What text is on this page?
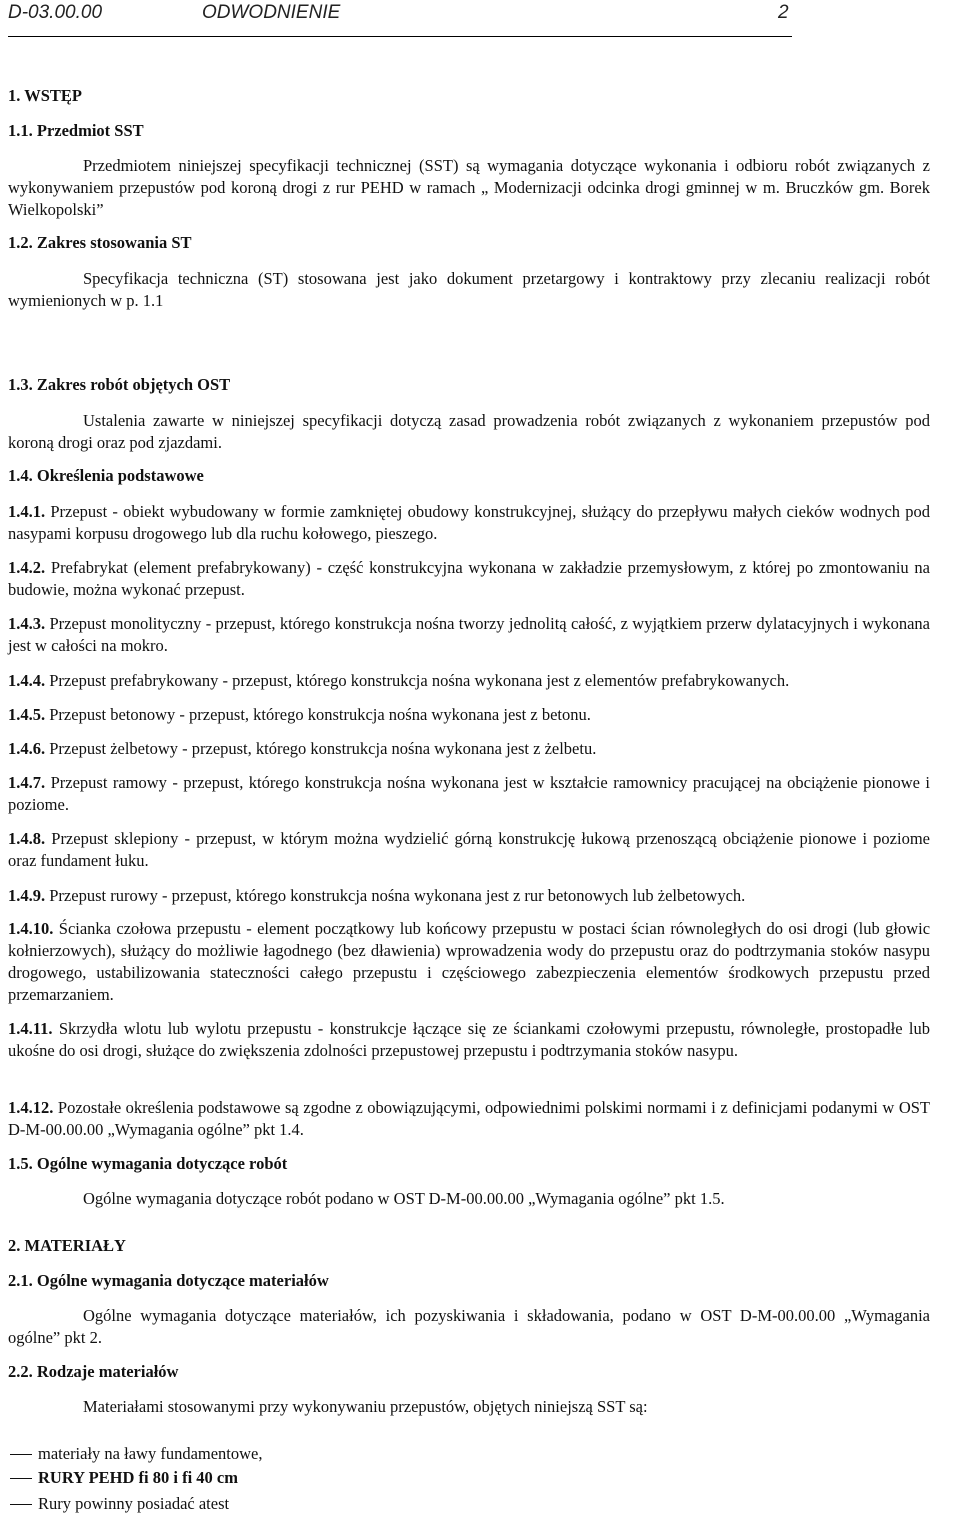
D-03.00.00	ODWODNIENIE	2
1. WSTĘP
1.1. Przedmiot SST
Przedmiotem niniejszej specyfikacji technicznej (SST) są wymagania dotyczące wykonania i odbioru robót związanych z wykonywaniem przepustów pod koroną drogi z rur PEHD w ramach „ Modernizacji odcinka drogi gminnej w m. Bruczków gm. Borek Wielkopolski”
1.2. Zakres stosowania ST
Specyfikacja techniczna (ST) stosowana jest jako dokument przetargowy i kontraktowy przy zlecaniu realizacji robót wymienionych w p. 1.1
1.3. Zakres robót objętych OST
Ustalenia zawarte w niniejszej specyfikacji dotyczą zasad prowadzenia robót związanych z wykonaniem przepustów pod koroną drogi oraz pod zjazdami.
1.4. Określenia podstawowe
1.4.1. Przepust - obiekt wybudowany w formie zamkniętej obudowy konstrukcyjnej, służący do przepływu małych cieków wodnych pod nasypami korpusu drogowego lub dla ruchu kołowego, pieszego.
1.4.2. Prefabrykat (element prefabrykowany) - część konstrukcyjna wykonana w zakładzie przemysłowym, z której po zmontowaniu na budowie, można wykonać przepust.
1.4.3. Przepust monolityczny - przepust, którego konstrukcja nośna tworzy jednolitą całość, z wyjątkiem przerw dylatacyjnych i wykonana jest w całości na mokro.
1.4.4. Przepust prefabrykowany - przepust, którego konstrukcja nośna wykonana jest z elementów prefabrykowanych.
1.4.5. Przepust betonowy - przepust, którego konstrukcja nośna wykonana jest z betonu.
1.4.6. Przepust żelbetowy - przepust, którego konstrukcja nośna wykonana jest z żelbetu.
1.4.7. Przepust ramowy - przepust, którego konstrukcja nośna wykonana jest w kształcie ramownicy pracującej na obciążenie pionowe i poziome.
1.4.8. Przepust sklepiony - przepust, w którym można wydzielić górną konstrukcję łukową przenoszącą obciążenie pionowe i poziome oraz fundament łuku.
1.4.9. Przepust rurowy - przepust, którego konstrukcja nośna wykonana jest z rur betonowych lub żelbetowych.
1.4.10. Ścianka czołowa przepustu - element początkowy lub końcowy przepustu w postaci ścian równoległych do osi drogi (lub głowic kołnierzowych), służący do możliwie łagodnego (bez dławienia) wprowadzenia wody do przepustu oraz do podtrzymania stoków nasypu drogowego, ustabilizowania stateczności całego przepustu i częściowego zabezpieczenia elementów środkowych przepustu przed przemarzaniem.
1.4.11. Skrzydła wlotu lub wylotu przepustu - konstrukcje łączące się ze ściankami czołowymi przepustu, równoległe, prostopadłe lub ukośne do osi drogi, służące do zwiększenia zdolności przepustowej przepustu i podtrzymania stoków nasypu.
1.4.12. Pozostałe określenia podstawowe są zgodne z obowiązującymi, odpowiednimi polskimi normami i z definicjami podanymi w OST D-M-00.00.00 „Wymagania ogólne” pkt 1.4.
1.5. Ogólne wymagania dotyczące robót
Ogólne wymagania dotyczące robót podano w OST D-M-00.00.00 „Wymagania ogólne” pkt 1.5.
2. MATERIAŁY
2.1. Ogólne wymagania dotyczące materiałów
Ogólne wymagania dotyczące materiałów, ich pozyskiwania i składowania, podano w OST D-M-00.00.00 „Wymagania ogólne” pkt 2.
2.2. Rodzaje materiałów
Materiałami stosowanymi przy wykonywaniu przepustów, objętych niniejszą SST są:
materiały na ławy fundamentowe,
RURY PEHD fi 80 i fi 40 cm
Rury powinny posiadać atest
